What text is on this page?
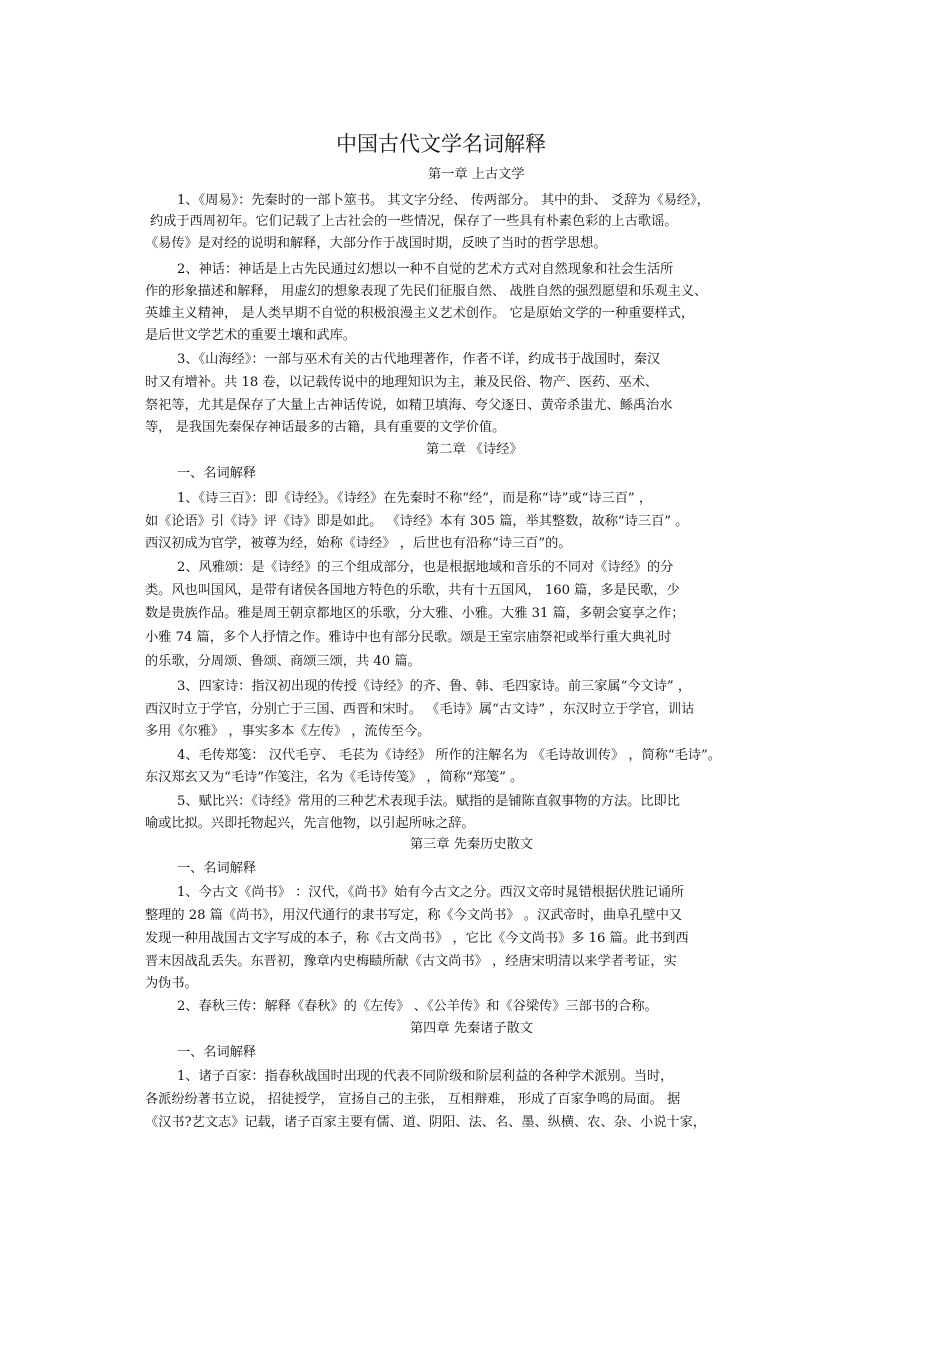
中国古代文学名词解释
第一章 上古文学
1、《周易》：先秦时的一部卜筮书。 其文字分经、 传两部分。 其中的卦、 爻辞为《易经》，
约成于西周初年。它们记载了上古社会的一些情况，保存了一些具有朴素色彩的上古歌谣。
《易传》是对经的说明和解释，大部分作于战国时期，反映了当时的哲学思想。
2、神话：神话是上古先民通过幻想以一种不自觉的艺术方式对自然现象和社会生活所
作的形象描述和解释， 用虚幻的想象表现了先民们征服自然、 战胜自然的强烈愿望和乐观主义、
英雄主义精神， 是人类早期不自觉的积极浪漫主义艺术创作。 它是原始文学的一种重要样式，
是后世文学艺术的重要土壤和武库。
3、《山海经》：一部与巫术有关的古代地理著作，作者不详，约成书于战国时，秦汉
时又有增补。共 18 卷，以记载传说中的地理知识为主，兼及民俗、物产、医药、巫术、
祭祀等，尤其是保存了大量上古神话传说，如精卫填海、夸父逐日、黄帝杀蚩尤、鲧禹治水
等， 是我国先秦保存神话最多的古籍，具有重要的文学价值。
第二章 《诗经》
一、名词解释
1、《诗三百》：即《诗经》。《诗经》在先秦时不称“经”，而是称“诗”或“诗三百” ，
如《论语》引《诗》评《诗》即是如此。 《诗经》本有 305 篇，举其整数，故称“诗三百” 。
西汉初成为官学，被尊为经，始称《诗经》 ，后世也有沿称“诗三百”的。
2、风雅颂：是《诗经》的三个组成部分，也是根据地域和音乐的不同对《诗经》的分
类。风也叫国风，是带有诸侯各国地方特色的乐歌，共有十五国风， 160 篇，多是民歌，少
数是贵族作品。雅是周王朝京都地区的乐歌，分大雅、小雅。大雅 31 篇，多朝会宴享之作；
小雅 74 篇，多个人抒情之作。雅诗中也有部分民歌。颂是王室宗庙祭祀或举行重大典礼时
的乐歌，分周颂、鲁颂、商颂三颂，共 40 篇。
3、四家诗：指汉初出现的传授《诗经》的齐、鲁、韩、毛四家诗。前三家属“今文诗” ，
西汉时立于学官，分别亡于三国、西晋和宋时。 《毛诗》属“古文诗” ，东汉时立于学官，训诂
多用《尔雅》 ，事实多本《左传》 ，流传至今。
4、毛传郑笺： 汉代毛亨、 毛苌为《诗经》 所作的注解名为 《毛诗故训传》 ，简称“毛诗”。
东汉郑玄又为“毛诗”作笺注，名为《毛诗传笺》 ，简称“郑笺” 。
5、赋比兴：《诗经》常用的三种艺术表现手法。赋指的是铺陈直叙事物的方法。比即比
喻或比拟。兴即托物起兴，先言他物，以引起所咏之辞。
第三章 先秦历史散文
一、名词解释
1、今古文《尚书》 ：汉代，《尚书》始有今古文之分。西汉文帝时晁错根据伏胜记诵所
整理的 28 篇《尚书》，用汉代通行的隶书写定，称《今文尚书》 。汉武帝时，曲阜孔壁中又
发现一种用战国古文字写成的本子，称《古文尚书》 ，它比《今文尚书》多 16 篇。此书到西
晋末因战乱丢失。东晋初，豫章内史梅赜所献《古文尚书》 ，经唐宋明清以来学者考证，实
为伪书。
2、春秋三传：解释《春秋》的《左传》 、《公羊传》和《谷梁传》三部书的合称。
第四章 先秦诸子散文
一、名词解释
1、诸子百家：指春秋战国时出现的代表不同阶级和阶层利益的各种学术派别。当时，
各派纷纷著书立说， 招徒授学， 宣扬自己的主张， 互相辩难， 形成了百家争鸣的局面。 据
《汉书?艺文志》记载，诸子百家主要有儒、道、阴阳、法、名、墨、纵横、农、杂、小说十家，
